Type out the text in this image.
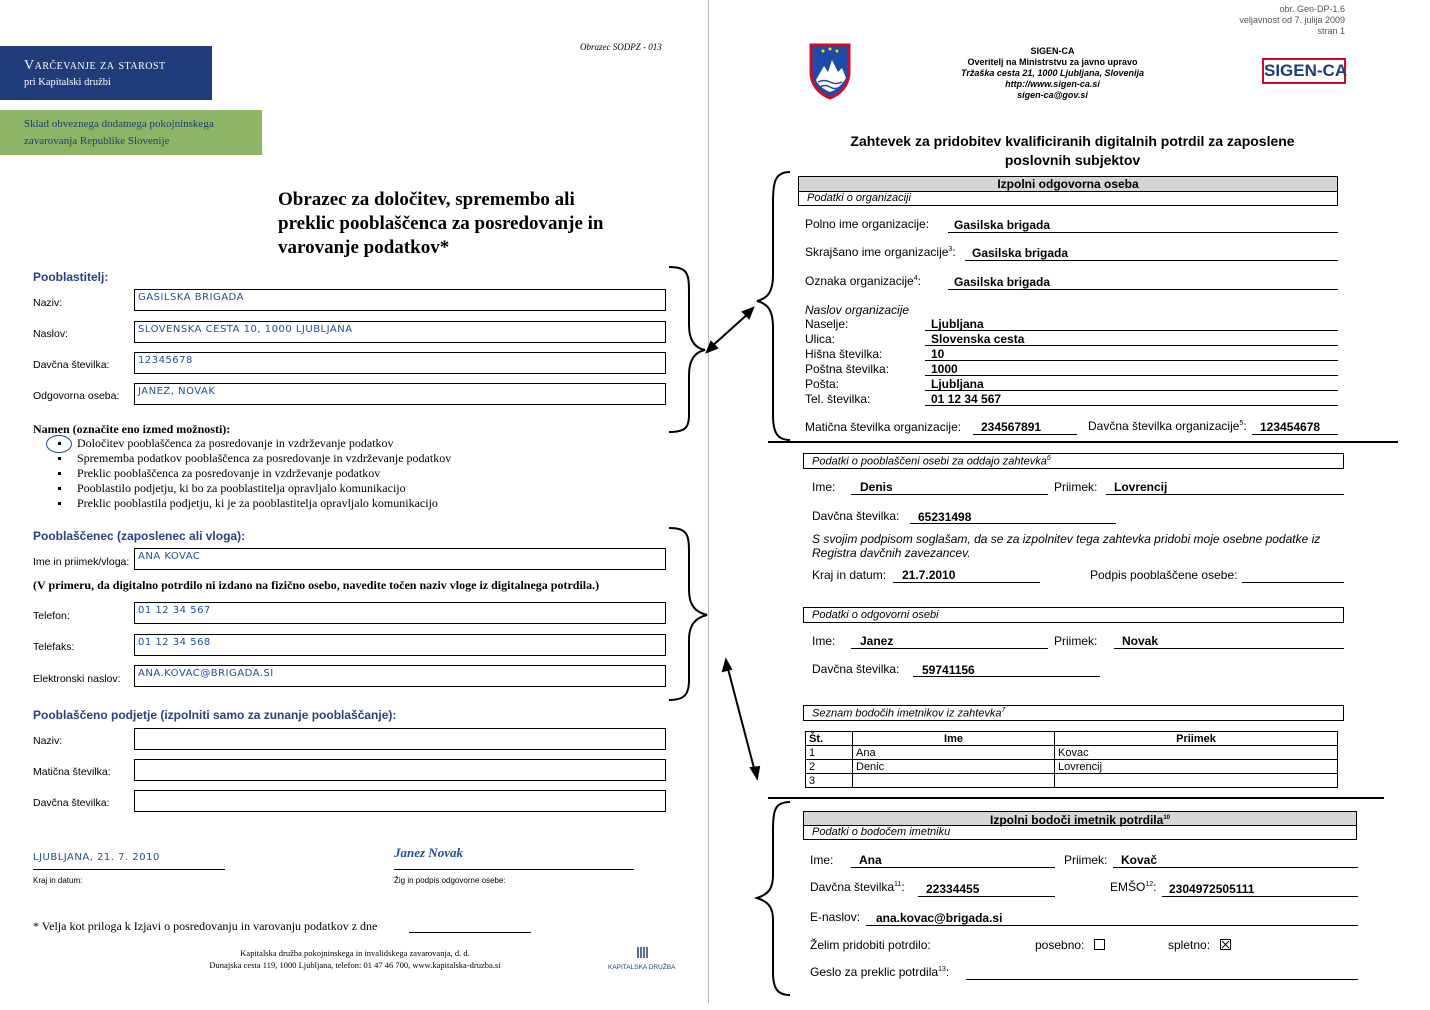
Obrazec SODPZ - 013
Varčevanje za starost
pri Kapitalski družbi
Sklad obveznega dodatnega pokojninskega
zavarovanja Republike Slovenije
Obrazec za določitev, spremembo ali
preklic pooblaščenca za posredovanje in
varovanje podatkov*
Pooblastitelj:
Naziv:	GASILSKA BRIGADA
Naslov:	SLOVENSKA CESTA 10, 1000 LJUBLJANA
Davčna številka:	12345678
Odgovorna oseba: JANEZ, NOVAK
Namen (označite eno izmed možnosti):
Določitev pooblaščenca za posredovanje in vzdrževanje podatkov
Sprememba podatkov pooblaščenca za posredovanje in vzdrževanje podatkov
Preklic pooblaščenca za posredovanje in vzdrževanje podatkov
Pooblastilo podjetju, ki bo za pooblastitelja opravljalo komunikacijo
Preklic pooblastila podjetju, ki je za pooblastitelja opravljalo komunikacijo
Pooblaščenec (zaposlenec ali vloga):
Ime in priimek/vloga: ANA KOVAC
(V primeru, da digitalno potrdilo ni izdano na fizično osebo, navedite točen naziv vloge iz digitalnega potrdila.)
Telefon:	01 12 34 567
Telefaks:	01 12 34 568
Elektronski naslov: ANA.KOVAC@BRIGADA.SI
Pooblaščeno podjetje (izpolniti samo za zunanje pooblaščanje):
Naziv:
Matična številka:
Davčna številka:
LJUBLJANA, 21. 7. 2010
Kraj in datum:
Janez Novak
Žig in podpis odgovorne osebe:
* Velja kot priloga k Izjavi o posredovanju in varovanju podatkov z dne
Kapitalska družba pokojninskega in invalidskega zavarovanja, d. d.
Dunajska cesta 119, 1000 Ljubljana, telefon: 01 47 46 700, www.kapitalska-druzba.si	KAPITALSKA DRUŽBA
obr. Gen-DP-1.6
veljavnost od 7. julija 2009
stran 1
SIGEN-CA
Overitelj na Ministrstvu za javno upravo
Tržaška cesta 21, 1000 Ljubljana, Slovenija
http://www.sigen-ca.si
sigen-ca@gov.si
SIGEN-CA
Zahtevek za pridobitev kvalificiranih digitalnih potrdil za zaposlene
poslovnih subjektov
Izpolni odgovorna oseba
Podatki o organizaciji
Polno ime organizacije: Gasilska brigada
Skrajšano ime organizacije$^3$: Gasilska brigada
Oznaka organizacije$^4$:	Gasilska brigada
Naslov organizacije
Naselje:	Ljubljana
Ulica:	Slovenska cesta
Hišna številka:	10
Poštna številka:	1000
Pošta:	Ljubljana
Tel. številka:	01 12 34 567
Matična številka organizacije: 234567891	Davčna številka organizacije$^5$: 123454678
Podatki o pooblaščeni osebi za oddajo zahtevka$^6$
Ime: Denis	Priimek: Lovrencij
Davčna številka: 65231498
S svojim podpisom soglašam, da se za izpolnitev tega zahtevka pridobi moje osebne podatke iz
Registra davčnih zavezancev.
Kraj in datum: 21.7.2010	Podpis pooblaščene osebe:
Podatki o odgovorni osebi
Ime: Janez	Priimek: Novak
Davčna številka: 59741156
Seznam bodočih imetnikov iz zahtevka$^7$
Št.	Ime	Priimek
1	Ana	Kovac
2	Denic	Lovrencij
3		
Izpolni bodoči imetnik potrdila$^{10}$
Podatki o bodočem imetniku
Ime: Ana	Priimek: Kovač
Davčna številka$^{11}$: 22334455	EMŠO$^{12}$: 2304972505111
E-naslov: ana.kovac@brigada.si
Želim pridobiti potrdilo:	posebno:	spletno:
Geslo za preklic potrdila$^{13}$:
